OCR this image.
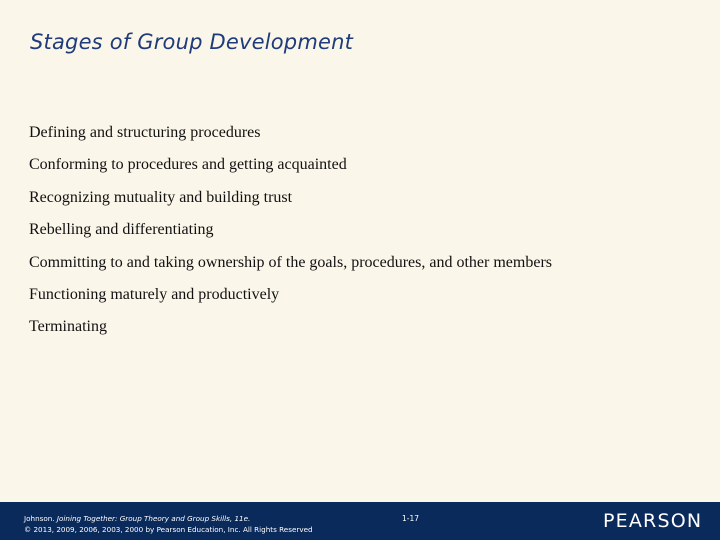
Stages of Group Development
Defining and structuring procedures
Conforming to procedures and getting acquainted
Recognizing mutuality and building trust
Rebelling and differentiating
Committing to and taking ownership of the goals, procedures, and other members
Functioning maturely and productively
Terminating
Johnson. Joining Together: Group Theory and Group Skills, 11e.
© 2013, 2009, 2006, 2003, 2000 by Pearson Education, Inc. All Rights Reserved
1-17	PEARSON
